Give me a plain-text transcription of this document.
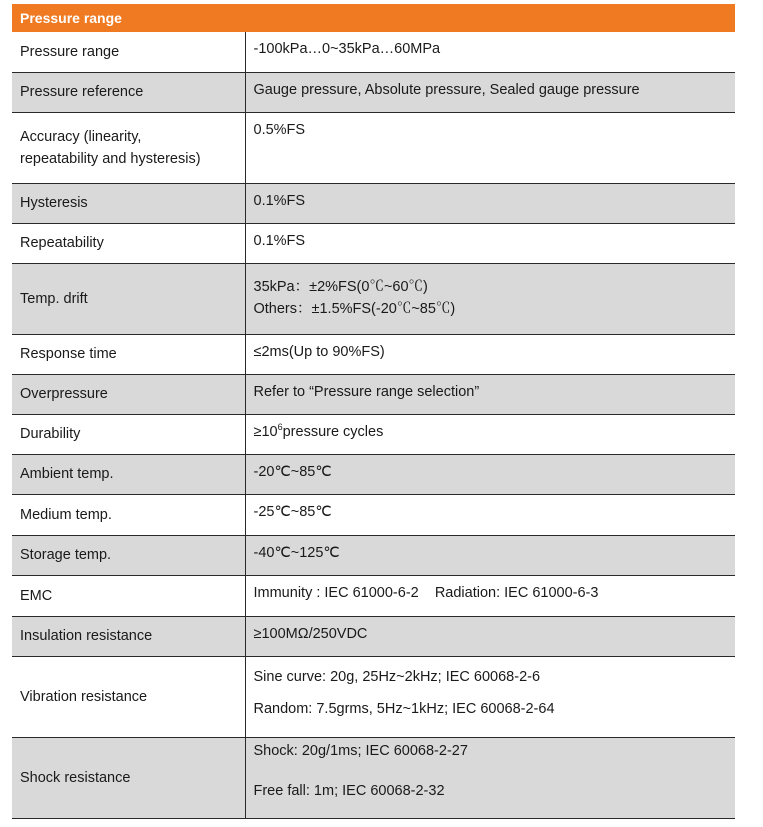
Pressure range
Pressure range	-100kPa…0~35kPa…60MPa
Pressure reference	Gauge pressure, Absolute pressure, Sealed gauge pressure

Accuracy (linearity,
repeatability and hysteresis)	0.5%FS
Hysteresis	0.1%FS
Repeatability	0.1%FS
Temp. drift	35kPa：±2%FS(0℃~60℃)
Others：±1.5%FS(-20℃~85℃)

Response time	≤2ms(Up to 90%FS)
Overpressure	Refer to “Pressure range selection”
Durability	$\ge 10^6pressure$ cycles
Ambient temp.	-20℃~85℃
Medium temp.	-25℃~85℃
Storage temp.	-40℃~125℃
EMC	Immunity : IEC 61000-6-2    Radiation: IEC 61000-6-3
Insulation resistance	≥100MΩ/250VDC
Vibration resistance	Sine curve: 20g, 25Hz~2kHz; IEC 60068-2-6
Random: 7.5grms, 5Hz~1kHz; IEC 60068-2-64

Shock resistance	Shock: 20g/1ms; IEC 60068-2-27
Free fall: 1m; IEC 60068-2-32
